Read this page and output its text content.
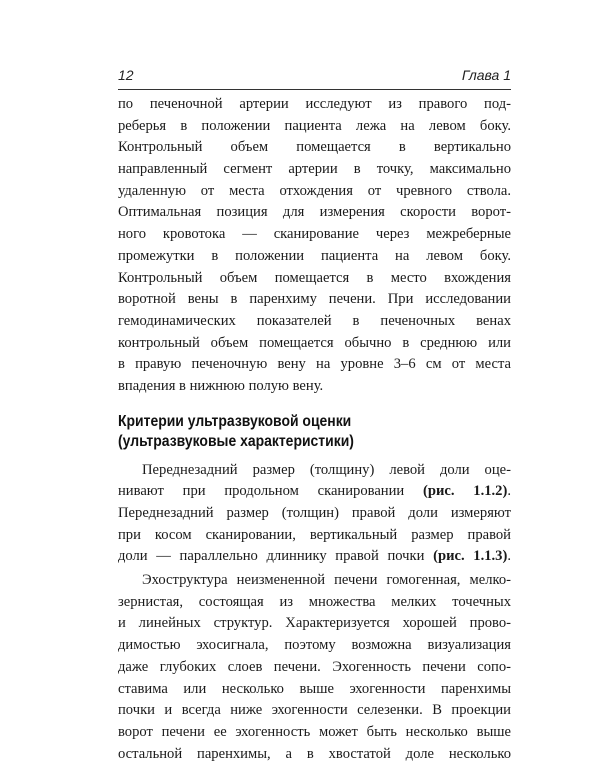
12	Глава 1
по печеночной артерии исследуют из правого под-
реберья в положении пациента лежа на левом боку.
Контрольный объем помещается в вертикально
направленный сегмент артерии в точку, максимально
удаленную от места отхождения от чревного ствола.
Оптимальная позиция для измерения скорости ворот-
ного кровотока — сканирование через межреберные
промежутки в положении пациента на левом боку.
Контрольный объем помещается в место вхождения
воротной вены в паренхиму печени. При исследовании
гемодинамических показателей в печеночных венах
контрольный объем помещается обычно в среднюю или
в правую печеночную вену на уровне 3–6 см от места
впадения в нижнюю полую вену.
Критерии ультразвуковой оценки
(ультразвуковые характеристики)
Переднезадний размер (толщину) левой доли оце-
нивают при продольном сканировании (рис. 1.1.2).
Переднезадний размер (толщин) правой доли измеряют
при косом сканировании, вертикальный размер правой
доли — параллельно длиннику правой почки (рис. 1.1.3).
Эхоструктура неизмененной печени гомогенная, мелко-
зернистая, состоящая из множества мелких точечных
и линейных структур. Характеризуется хорошей прово-
димостью эхосигнала, поэтому возможна визуализация
даже глубоких слоев печени. Эхогенность печени сопо-
ставима или несколько выше эхогенности паренхимы
почки и всегда ниже эхогенности селезенки. В проекции
ворот печени ее эхогенность может быть несколько выше
остальной паренхимы, а в хвостатой доле несколько
